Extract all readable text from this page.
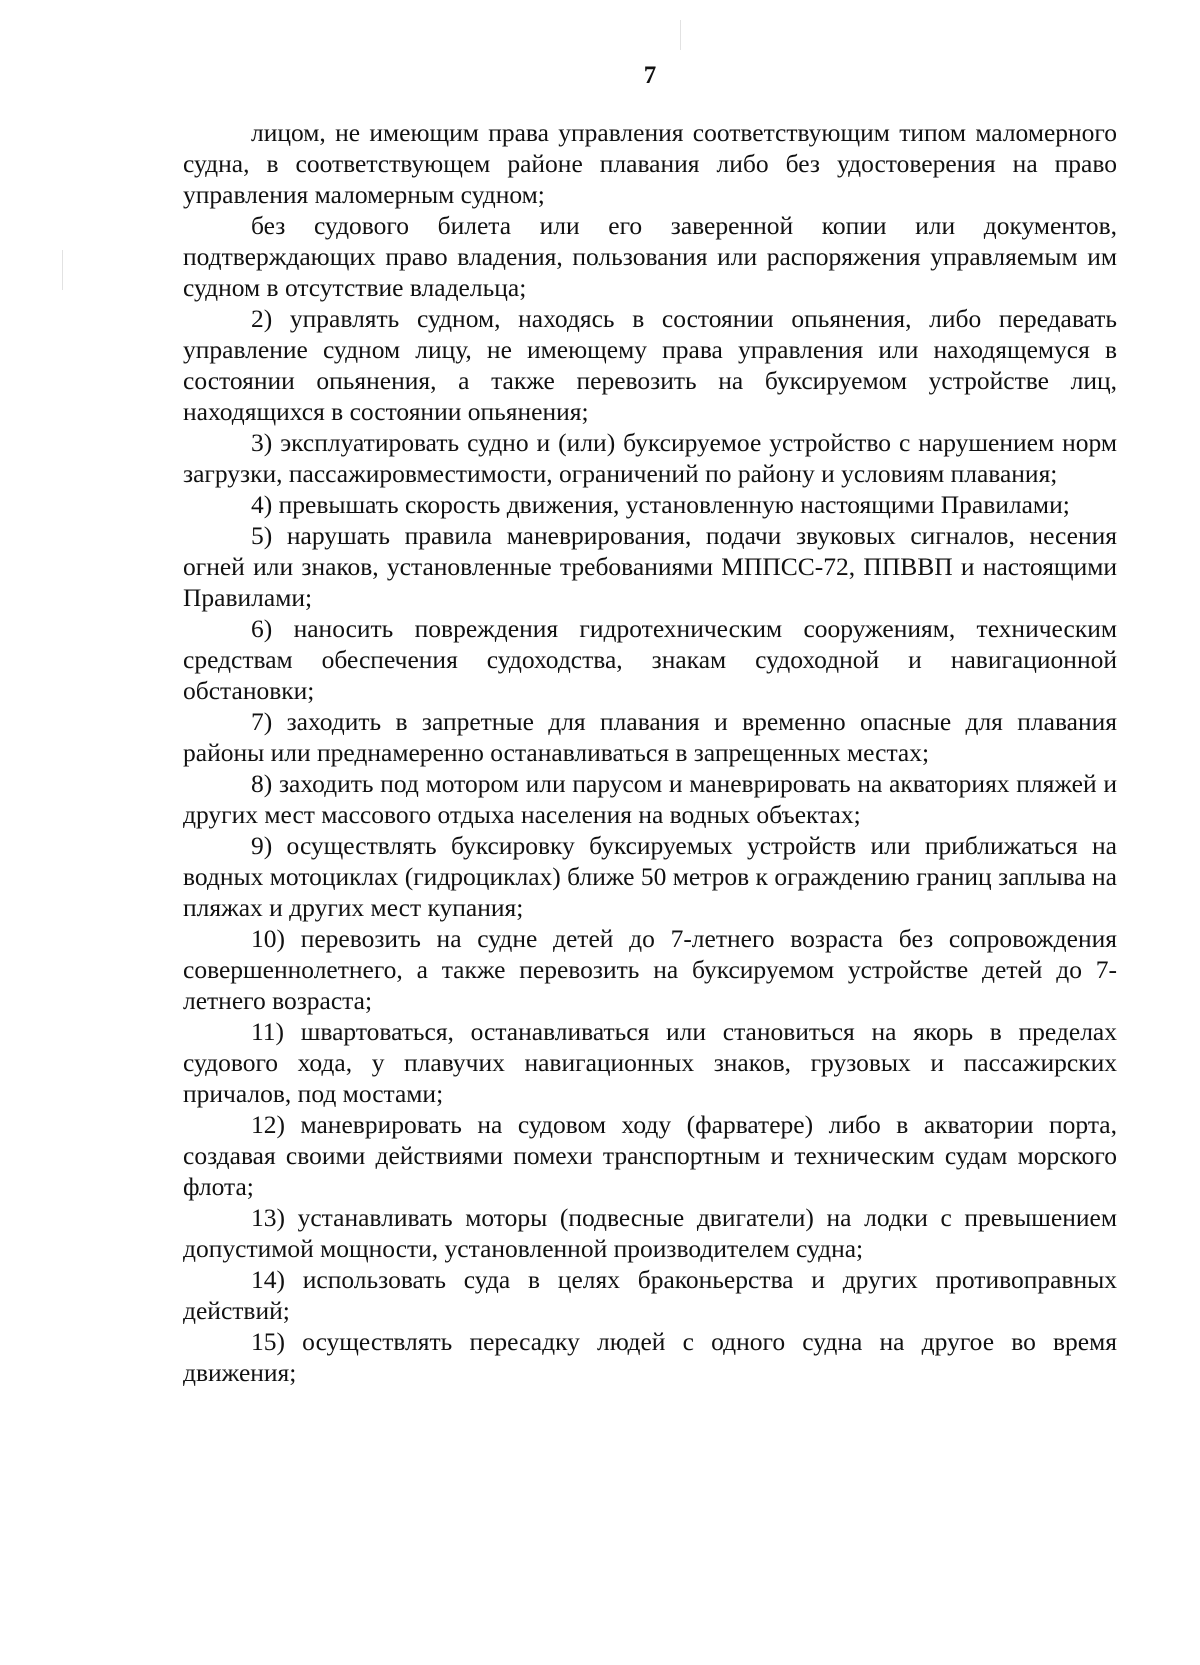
7

лицом, не имеющим права управления соответствующим типом маломерного судна, в соответствующем районе плавания либо без удостоверения на право управления маломерным судном;

без судового билета или его заверенной копии или документов, подтверждающих право владения, пользования или распоряжения управляемым им судном в отсутствие владельца;

2) управлять судном, находясь в состоянии опьянения, либо передавать управление судном лицу, не имеющему права управления или находящемуся в состоянии опьянения, а также перевозить на буксируемом устройстве лиц, находящихся в состоянии опьянения;

3) эксплуатировать судно и (или) буксируемое устройство с нарушением норм загрузки, пассажировместимости, ограничений по району и условиям плавания;

4) превышать скорость движения, установленную настоящими Правилами;

5) нарушать правила маневрирования, подачи звуковых сигналов, несения огней или знаков, установленные требованиями МППСС-72, ППВВП и настоящими Правилами;

6) наносить повреждения гидротехническим сооружениям, техническим средствам обеспечения судоходства, знакам судоходной и навигационной обстановки;

7) заходить в запретные для плавания и временно опасные для плавания районы или преднамеренно останавливаться в запрещенных местах;

8) заходить под мотором или парусом и маневрировать на акваториях пляжей и других мест массового отдыха населения на водных объектах;

9) осуществлять буксировку буксируемых устройств или приближаться на водных мотоциклах (гидроциклах) ближе 50 метров к ограждению границ заплыва на пляжах и других мест купания;

10) перевозить на судне детей до 7-летнего возраста без сопровождения совершеннолетнего, а также перевозить на буксируемом устройстве детей до 7-летнего возраста;

11) швартоваться, останавливаться или становиться на якорь в пределах судового хода, у плавучих навигационных знаков, грузовых и пассажирских причалов, под мостами;

12) маневрировать на судовом ходу (фарватере) либо в акватории порта, создавая своими действиями помехи транспортным и техническим судам морского флота;

13) устанавливать моторы (подвесные двигатели) на лодки с превышением допустимой мощности, установленной производителем судна;

14) использовать суда в целях браконьерства и других противоправных действий;

15) осуществлять пересадку людей с одного судна на другое во время движения;
